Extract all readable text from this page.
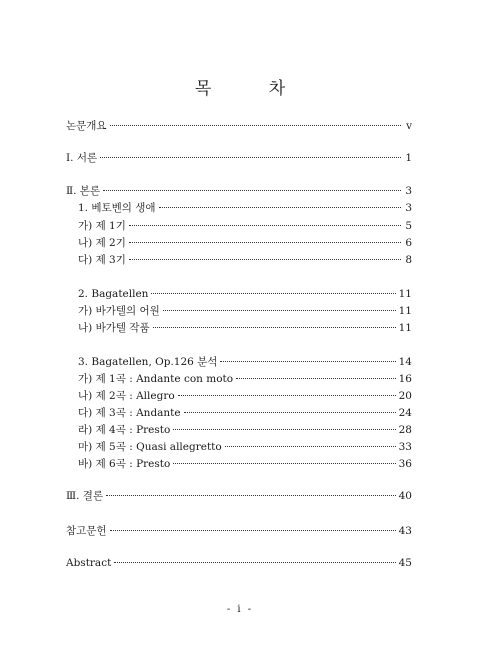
목 차
논문개요	v
Ⅰ. 서론	1
Ⅱ. 본론	3
1. 베토벤의 생애	3
가) 제 1기	5
나) 제 2기	6
다) 제 3기	8
2. Bagatellen	11
가) 바가텔의 어원	11
나) 바가텔 작품	11
3. Bagatellen, Op.126 분석	14
가) 제 1곡 : Andante con moto	16
나) 제 2곡 : Allegro	20
다) 제 3곡 : Andante	24
라) 제 4곡 : Presto	28
마) 제 5곡 : Quasi allegretto	33
바) 제 6곡 : Presto	36
Ⅲ. 결론	40
참고문헌	43
Abstract	45
- i -
